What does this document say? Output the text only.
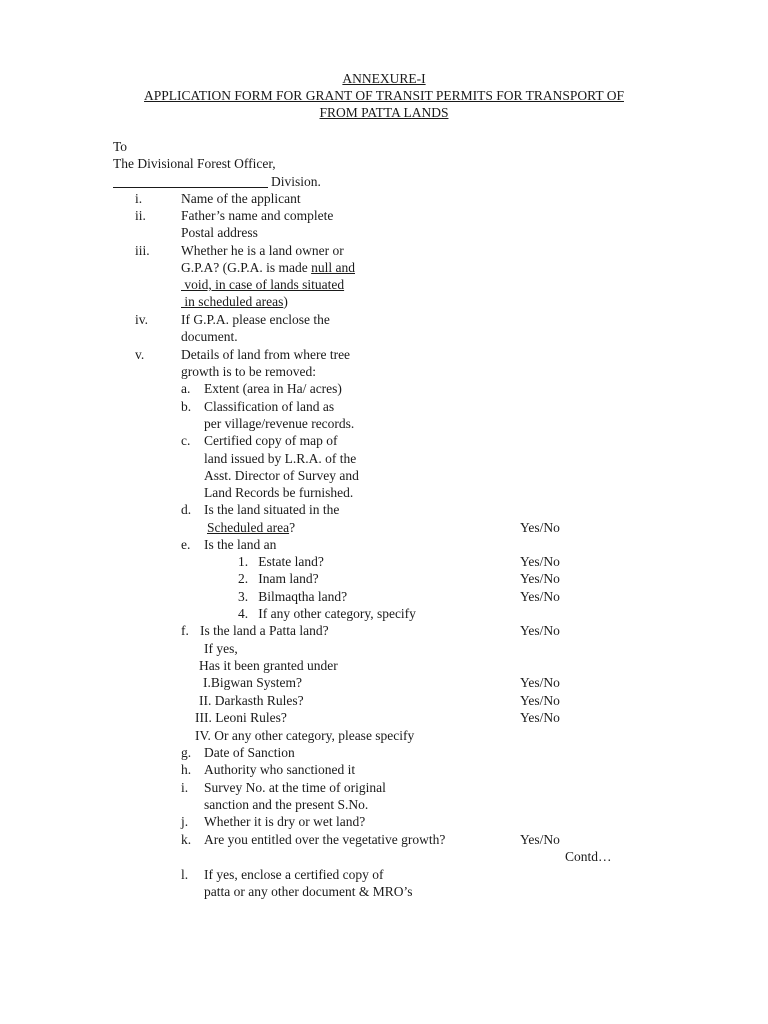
ANNEXURE-I
APPLICATION FORM FOR GRANT OF TRANSIT PERMITS FOR TRANSPORT OF
FROM PATTA LANDS
To
The Divisional Forest Officer,
Division.
i.	Name of the applicant
ii.	Father’s name and complete
Postal address
iii. Whether he is a land owner or
G.P.A? (G.P.A. is made null and
void, in case of lands situated
in scheduled areas)
iv. If G.P.A. please enclose the
document.
v.	Details of land from where tree
growth is to be removed:
a. Extent (area in Ha/ acres)
b. Classification of land as
per village/revenue records.
c. Certified copy of map of
land issued by L.R.A. of the
Asst. Director of Survey and
Land Records be furnished.
d. Is the land situated in the
Scheduled area?	Yes/No
e. Is the land an
1.   Estate land?	Yes/No
2.   Inam land?	Yes/No
3.   Bilmaqtha land?	Yes/No
4.   If any other category, specify
f. Is the land a Patta land?	Yes/No
If yes,
Has it been granted under
I.Bigwan System?	Yes/No
II. Darkasth Rules?	Yes/No
III. Leoni Rules?	Yes/No
IV. Or any other category, please specify
g. Date of Sanction
h. Authority who sanctioned it
i. Survey No. at the time of original
sanction and the present S.No.
j. Whether it is dry or wet land?
k. Are you entitled over the vegetative growth?	Yes/No
Contd…
l. If yes, enclose a certified copy of
patta or any other document & MRO’s
